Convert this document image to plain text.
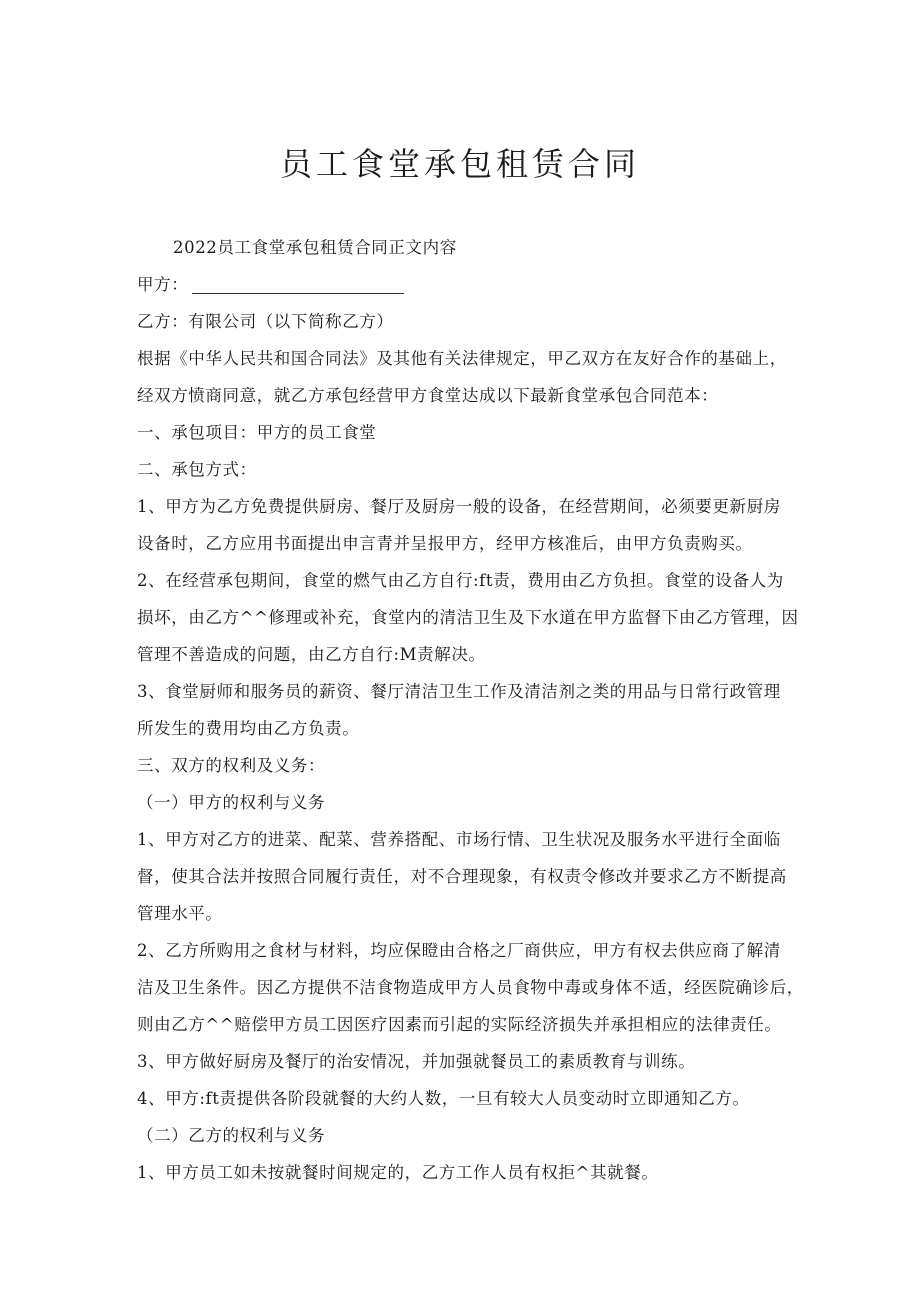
员工食堂承包租赁合同

2022员工食堂承包租赁合同正文内容

甲方：

乙方：有限公司（以下简称乙方）

根据《中华人民共和国合同法》及其他有关法律规定，甲乙双方在友好合作的基础上，

经双方愤商同意，就乙方承包经营甲方食堂达成以下最新食堂承包合同范本：

一、承包项目：甲方的员工食堂

二、承包方式：

1、甲方为乙方免费提供厨房、餐厅及厨房一般的设备，在经营期间，必须要更新厨房

设备时，乙方应用书面提出申言青并呈报甲方，经甲方核准后，由甲方负责购买。

2、在经营承包期间，食堂的燃气由乙方自行:ft责，费用由乙方负担。食堂的设备人为

损坏，由乙方^^修理或补充，食堂内的清洁卫生及下水道在甲方监督下由乙方管理，因

管理不善造成的问题，由乙方自行:M责解决。

3、食堂厨师和服务员的薪资、餐厅清洁卫生工作及清洁剂之类的用品与日常行政管理

所发生的费用均由乙方负责。

三、双方的权利及义务：

（一）甲方的权利与义务

1、甲方对乙方的进菜、配菜、营养搭配、市场行情、卫生状况及服务水平进行全面临

督，使其合法并按照合同履行责任，对不合理现象，有权责令修改并要求乙方不断提高

管理水平。

2、乙方所购用之食材与材料，均应保瞪由合格之厂商供应，甲方有权去供应商了解清

洁及卫生条件。因乙方提供不洁食物造成甲方人员食物中毒或身体不适，经医院确诊后，

则由乙方^^赔偿甲方员工因医疗因素而引起的实际经济损失并承担相应的法律责任。

3、甲方做好厨房及餐厅的治安情况，并加强就餐员工的素质教育与训练。

4、甲方:ft责提供各阶段就餐的大约人数，一旦有较大人员变动时立即通知乙方。

（二）乙方的权利与义务

1、甲方员工如未按就餐时间规定的，乙方工作人员有权拒^其就餐。
